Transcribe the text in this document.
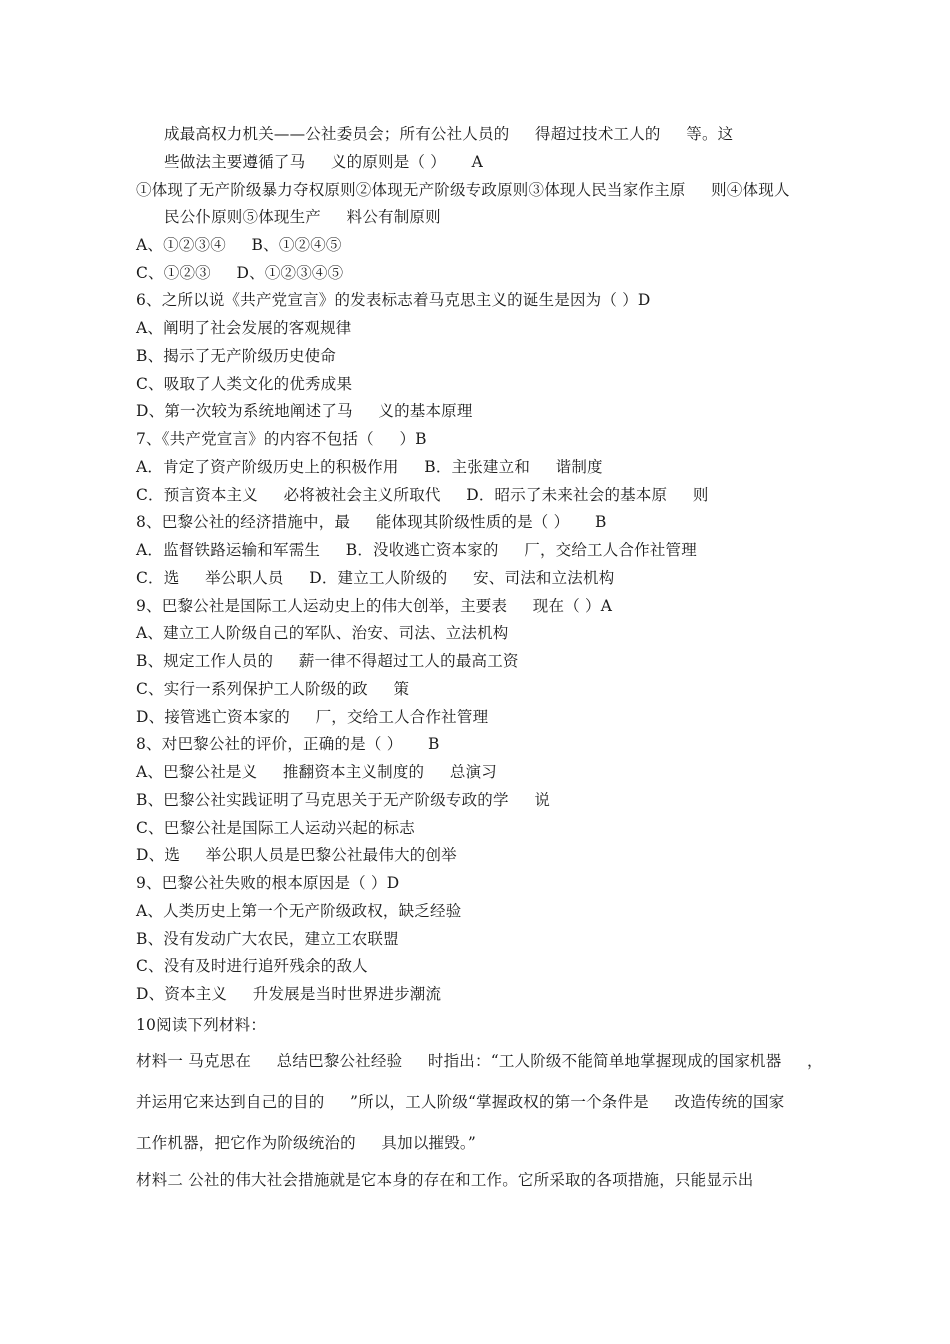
成最高权力机关——公社委员会；所有公社人员的     得超过技术工人的     等。这
些做法主要遵循了马     义的原则是（ ）     A
①体现了无产阶级暴力夺权原则②体现无产阶级专政原则③体现人民当家作主原     则④体现人
民公仆原则⑤体现生产     料公有制原则
A、①②③④     B、①②④⑤
C、①②③     D、①②③④⑤
6、之所以说《共产党宣言》的发表标志着马克思主义的诞生是因为（ ）D
A、阐明了社会发展的客观规律
B、揭示了无产阶级历史使命
C、吸取了人类文化的优秀成果
D、第一次较为系统地阐述了马     义的基本原理
7、《共产党宣言》的内容不包括（     ）B
A．肯定了资产阶级历史上的积极作用     B．主张建立和     谐制度
C．预言资本主义     必将被社会主义所取代     D．昭示了未来社会的基本原     则
8、巴黎公社的经济措施中，最     能体现其阶级性质的是（ ）     B
A．监督铁路运输和军需生     B．没收逃亡资本家的     厂，交给工人合作社管理
C．选     举公职人员     D．建立工人阶级的     安、司法和立法机构
9、巴黎公社是国际工人运动史上的伟大创举，主要表     现在（ ）A
A、建立工人阶级自己的军队、治安、司法、立法机构
B、规定工作人员的     薪一律不得超过工人的最高工资
C、实行一系列保护工人阶级的政     策
D、接管逃亡资本家的     厂，交给工人合作社管理
8、对巴黎公社的评价，正确的是（ ）     B
A、巴黎公社是义     推翻资本主义制度的     总演习
B、巴黎公社实践证明了马克思关于无产阶级专政的学     说
C、巴黎公社是国际工人运动兴起的标志
D、选     举公职人员是巴黎公社最伟大的创举
9、巴黎公社失败的根本原因是（ ）D
A、人类历史上第一个无产阶级政权，缺乏经验
B、没有发动广大农民，建立工农联盟
C、没有及时进行追歼残余的敌人
D、资本主义     升发展是当时世界进步潮流
10阅读下列材料：
材料一 马克思在     总结巴黎公社经验     时指出：“工人阶级不能简单地掌握现成的国家机器     ，
并运用它来达到自己的目的     ”所以，工人阶级“掌握政权的第一个条件是     改造传统的国家
工作机器，把它作为阶级统治的     具加以摧毁。”
材料二 公社的伟大社会措施就是它本身的存在和工作。它所采取的各项措施，只能显示出
